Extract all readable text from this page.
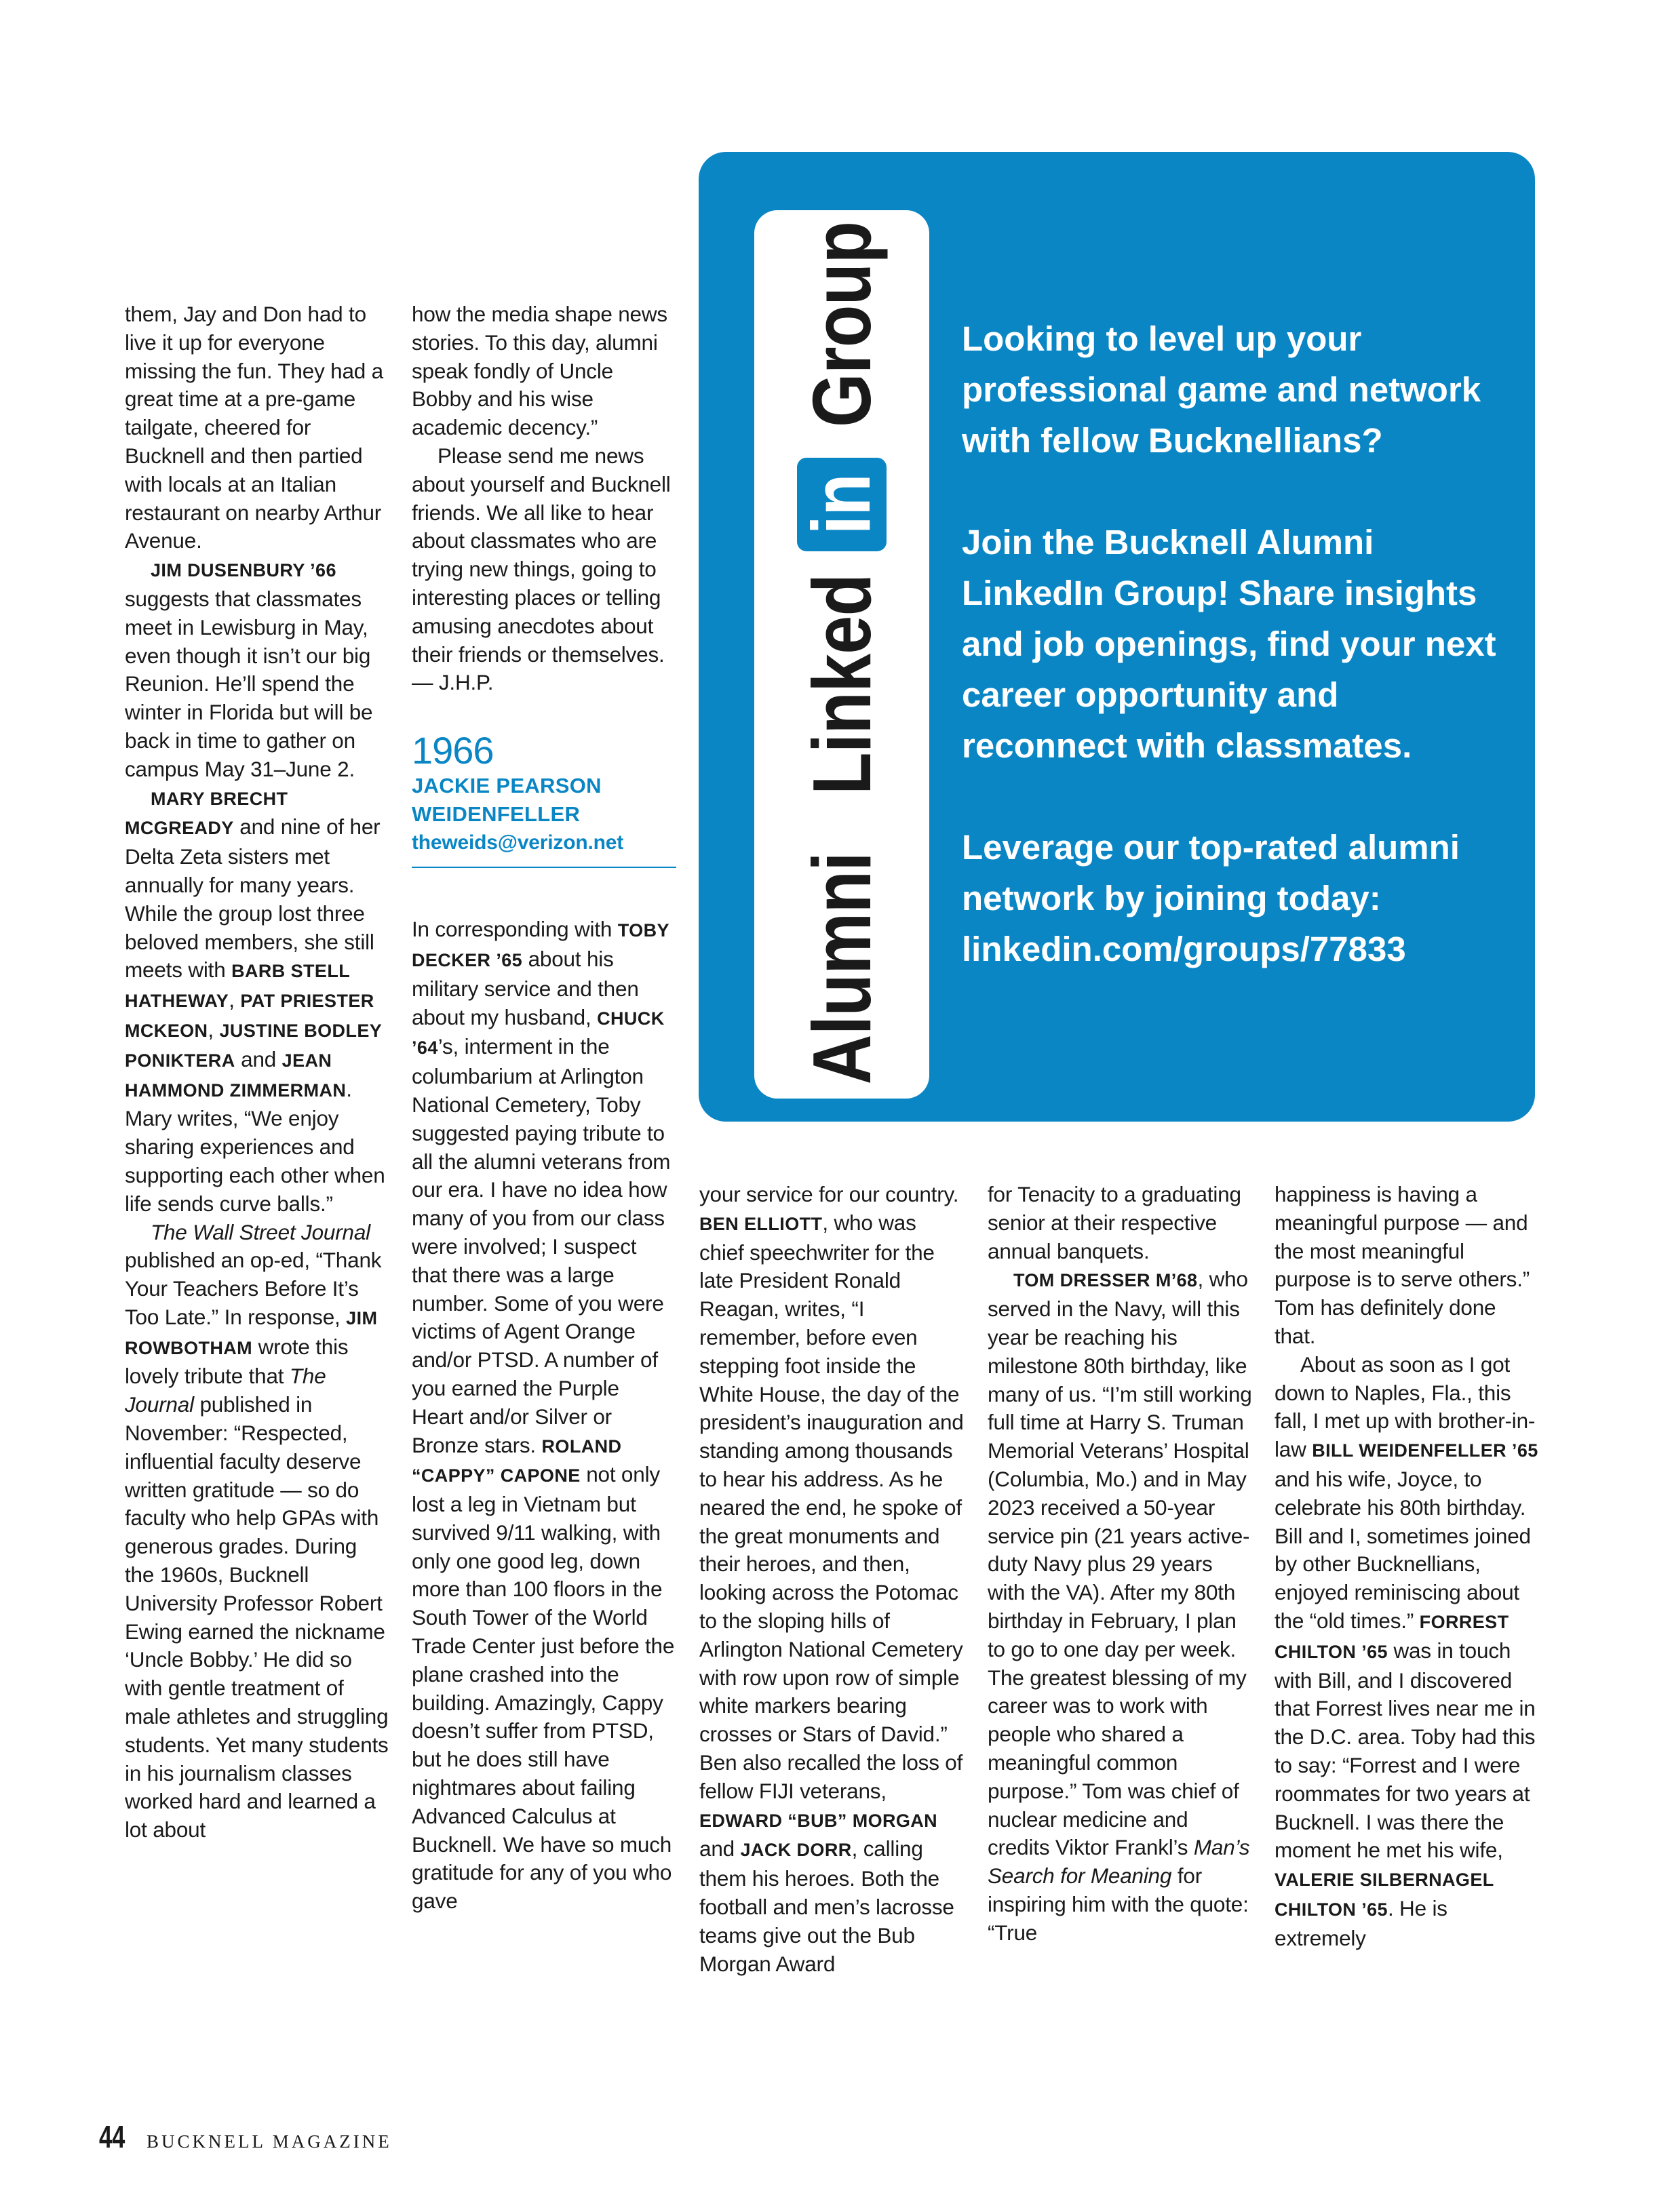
Alumni
Linked
in
Group Looking to level up your professional game and network with fellow Bucknellians?

Join the Bucknell Alumni LinkedIn Group! Share insights and job openings, find your next career opportunity and reconnect with classmates.

Leverage our top-rated alumni network by joining today: linkedin.com/groups/77833

them, Jay and Don had to live it up for everyone missing the fun. They had a great time at a pre-game tailgate, cheered for Bucknell and then partied with locals at an Italian restaurant on nearby Arthur Avenue.

JIM DUSENBURY ’66 suggests that classmates meet in Lewisburg in May, even though it isn’t our big Reunion. He’ll spend the winter in Florida but will be back in time to gather on campus May 31–June 2.

MARY BRECHT MCGREADY and nine of her Delta Zeta sisters met annually for many years. While the group lost three beloved members, she still meets with BARB STELL HATHEWAY, PAT PRIESTER MCKEON, JUSTINE BODLEY PONIKTERA and JEAN HAMMOND ZIMMERMAN. Mary writes, “We enjoy sharing experiences and supporting each other when life sends curve balls.”

The Wall Street Journal published an op-ed, “Thank Your Teachers Before It’s Too Late.” In response, JIM ROWBOTHAM wrote this lovely tribute that The Journal published in November: “Respected, influential faculty deserve written gratitude — so do faculty who help GPAs with generous grades. During the 1960s, Bucknell University Professor Robert Ewing earned the nickname ‘Uncle Bobby.’ He did so with gentle treatment of male athletes and struggling students. Yet many students in his journalism classes worked hard and learned a lot about

how the media shape news stories. To this day, alumni speak fondly of Uncle Bobby and his wise academic decency.”

Please send me news about yourself and Bucknell friends. We all like to hear about classmates who are trying new things, going to interesting places or telling amusing anecdotes about their friends or themselves. — J.H.P.

1966
JACKIE PEARSON
WEIDENFELLER
theweids@verizon.net

In corresponding with TOBY DECKER ’65 about his military service and then about my husband, CHUCK ’64’s, interment in the columbarium at Arlington National Cemetery, Toby suggested paying tribute to all the alumni veterans from our era. I have no idea how many of you from our class were involved; I suspect that there was a large number. Some of you were victims of Agent Orange and/or PTSD. A number of you earned the Purple Heart and/or Silver or Bronze stars. ROLAND “CAPPY” CAPONE not only lost a leg in Vietnam but survived 9/11 walking, with only one good leg, down more than 100 floors in the South Tower of the World Trade Center just before the plane crashed into the building. Amazingly, Cappy doesn’t suffer from PTSD, but he does still have nightmares about failing Advanced Calculus at Bucknell. We have so much gratitude for any of you who gave

your service for our country. BEN ELLIOTT, who was chief speechwriter for the late President Ronald Reagan, writes, “I remember, before even stepping foot inside the White House, the day of the president’s inauguration and standing among thousands to hear his address. As he neared the end, he spoke of the great monuments and their heroes, and then, looking across the Potomac to the sloping hills of Arlington National Cemetery with row upon row of simple white markers bearing crosses or Stars of David.” Ben also recalled the loss of fellow FIJI veterans, EDWARD “BUB” MORGAN and JACK DORR, calling them his heroes. Both the football and men’s lacrosse teams give out the Bub Morgan Award

for Tenacity to a graduating senior at their respective annual banquets.

TOM DRESSER M’68, who served in the Navy, will this year be reaching his milestone 80th birthday, like many of us. “I’m still working full time at Harry S. Truman Memorial Veterans’ Hospital (Columbia, Mo.) and in May 2023 received a 50-year service pin (21 years active-duty Navy plus 29 years with the VA). After my 80th birthday in February, I plan to go to one day per week. The greatest blessing of my career was to work with people who shared a meaningful common purpose.” Tom was chief of nuclear medicine and credits Viktor Frankl’s Man’s Search for Meaning for inspiring him with the quote: “True

happiness is having a meaningful purpose — and the most meaningful purpose is to serve others.” Tom has definitely done that.

About as soon as I got down to Naples, Fla., this fall, I met up with brother-in-law BILL WEIDENFELLER ’65 and his wife, Joyce, to celebrate his 80th birthday. Bill and I, sometimes joined by other Bucknellians, enjoyed reminiscing about the “old times.” FORREST CHILTON ’65 was in touch with Bill, and I discovered that Forrest lives near me in the D.C. area. Toby had this to say: “Forrest and I were roommates for two years at Bucknell. I was there the moment he met his wife, VALERIE SILBERNAGEL CHILTON ’65. He is extremely

44 BUCKNELL MAGAZINE
